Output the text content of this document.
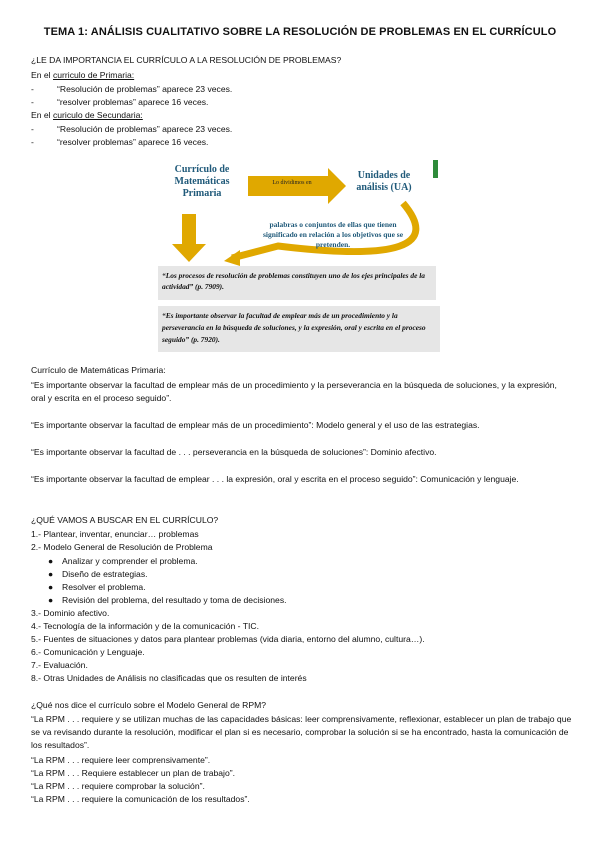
TEMA 1: ANÁLISIS CUALITATIVO SOBRE LA RESOLUCIÓN DE PROBLEMAS EN EL CURRÍCULO
¿LE DA IMPORTANCIA EL CURRÍCULO A LA RESOLUCIÓN DE PROBLEMAS?
En el curriculo de Primaria:
-	“Resolución de problemas” aparece 23 veces.
-	“resolver problemas” aparece 16 veces.
En el curiculo de Secundaria:
-	“Resolución de problemas” aparece 23 veces.
-	“resolver problemas” aparece 16 veces.
Currículo de Matemáticas Primaria
Lo dividimos en
Unidades de análisis (UA)
palabras o conjuntos de ellas que tienen significado en relación a los objetivos que se pretenden.
“Los procesos de resolución de problemas constituyen uno de los ejes principales de la actividad” (p. 7909).
“Es importante observar la facultad de emplear más de un procedimiento y la perseverancia en la búsqueda de soluciones, y la expresión, oral y escrita en el proceso seguido” (p. 7920).
Currículo de Matemáticas Primaria:
“Es importante observar la facultad de emplear más de un procedimiento y la perseverancia en la búsqueda de soluciones, y la expresión, oral y escrita en el proceso seguido”.
“Es importante observar la facultad de emplear más de un procedimiento”: Modelo general y el uso de las estrategias.
“Es importante observar la facultad de . . . perseverancia en la búsqueda de soluciones”: Dominio afectivo.
“Es importante observar la facultad de emplear . . . la expresión, oral y escrita en el proceso seguido”: Comunicación y lenguaje.
¿QUÉ VAMOS A BUSCAR EN EL CURRÍCULO?
1.- Plantear, inventar, enunciar… problemas
2.- Modelo General de Resolución de Problema
● Analizar y comprender el problema.
● Diseño de estrategias.
● Resolver el problema.
● Revisión del problema, del resultado y toma de decisiones.
3.- Dominio afectivo.
4.- Tecnología de la información y de la comunicación - TIC.
5.- Fuentes de situaciones y datos para plantear problemas (vida diaria, entorno del alumno, cultura…).
6.- Comunicación y Lenguaje.
7.- Evaluación.
8.- Otras Unidades de Análisis no clasificadas que os resulten de interés
¿Qué nos dice el currículo sobre el Modelo General de RPM?
“La RPM . . . requiere y se utilizan muchas de las capacidades básicas: leer comprensivamente, reflexionar, establecer un plan de trabajo que se va revisando durante la resolución, modificar el plan si es necesario, comprobar la solución si se ha encontrado, hasta la comunicación de los resultados”.
“La RPM . . . requiere leer comprensivamente”.
“La RPM . . . Requiere establecer un plan de trabajo”.
“La RPM . . . requiere comprobar la solución”.
“La RPM . . . requiere la comunicación de los resultados”.
